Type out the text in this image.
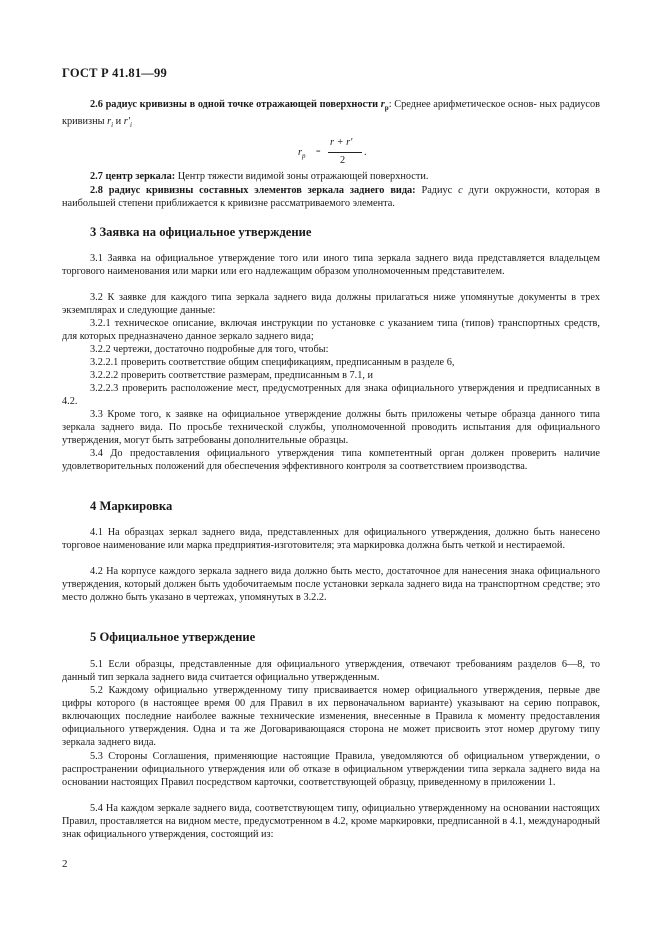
ГОСТ Р 41.81—99
2.6 радиус кривизны в одной точке отражающей поверхности $r_p$: Среднее арифметическое основ- ных радиусов кривизны $r_i$ и $r'_i$
$r_p$
=
r + r'
2
.
2.7 центр зеркала: Центр тяжести видимой зоны отражающей поверхности.
2.8 радиус кривизны составных элементов зеркала заднего вида: Радиус с дуги окружности, которая в наибольшей степени приближается к кривизне рассматриваемого элемента.
3 Заявка на официальное утверждение
3.1 Заявка на официальное утверждение того или иного типа зеркала заднего вида представляется владельцем торгового наименования или марки или его надлежащим образом уполномоченным представителем.
3.2 К заявке для каждого типа зеркала заднего вида должны прилагаться ниже упомянутые документы в трех экземплярах и следующие данные:
3.2.1 техническое описание, включая инструкции по установке с указанием типа (типов) транспортных средств, для которых предназначено данное зеркало заднего вида;
3.2.2 чертежи, достаточно подробные для того, чтобы:
3.2.2.1 проверить соответствие общим спецификациям, предписанным в разделе 6,
3.2.2.2 проверить соответствие размерам, предписанным в 7.1, и
3.2.2.3 проверить расположение мест, предусмотренных для знака официального утверждения и предписанных в 4.2.
3.3 Кроме того, к заявке на официальное утверждение должны быть приложены четыре образца данного типа зеркала заднего вида. По просьбе технической службы, уполномоченной проводить испытания для официального утверждения, могут быть затребованы дополнительные образцы.
3.4 До предоставления официального утверждения типа компетентный орган должен проверить наличие удовлетворительных положений для обеспечения эффективного контроля за соответствием производства.
4 Маркировка
4.1 На образцах зеркал заднего вида, представленных для официального утверждения, должно быть нанесено торговое наименование или марка предприятия-изготовителя; эта маркировка должна быть четкой и нестираемой.
4.2 На корпусе каждого зеркала заднего вида должно быть место, достаточное для нанесения знака официального утверждения, который должен быть удобочитаемым после установки зеркала заднего вида на транспортном средстве; это место должно быть указано в чертежах, упомянутых в 3.2.2.
5 Официальное утверждение
5.1 Если образцы, представленные для официального утверждения, отвечают требованиям разделов 6—8, то данный тип зеркала заднего вида считается официально утвержденным.
5.2 Каждому официально утвержденному типу присваивается номер официального утверждения, первые две цифры которого (в настоящее время 00 для Правил в их первоначальном варианте) указывают на серию поправок, включающих последние наиболее важные технические изменения, внесенные в Правила к моменту предоставления официального утверждения. Одна и та же Договаривающаяся сторона не может присвоить этот номер другому типу зеркала заднего вида.
5.3 Стороны Соглашения, применяющие настоящие Правила, уведомляются об официальном утверждении, о распространении официального утверждения или об отказе в официальном утверждении типа зеркала заднего вида на основании настоящих Правил посредством карточки, соответствующей образцу, приведенному в приложении 1.
5.4 На каждом зеркале заднего вида, соответствующем типу, официально утвержденному на основании настоящих Правил, проставляется на видном месте, предусмотренном в 4.2, кроме маркировки, предписанной в 4.1, международный знак официального утверждения, состоящий из:
2
